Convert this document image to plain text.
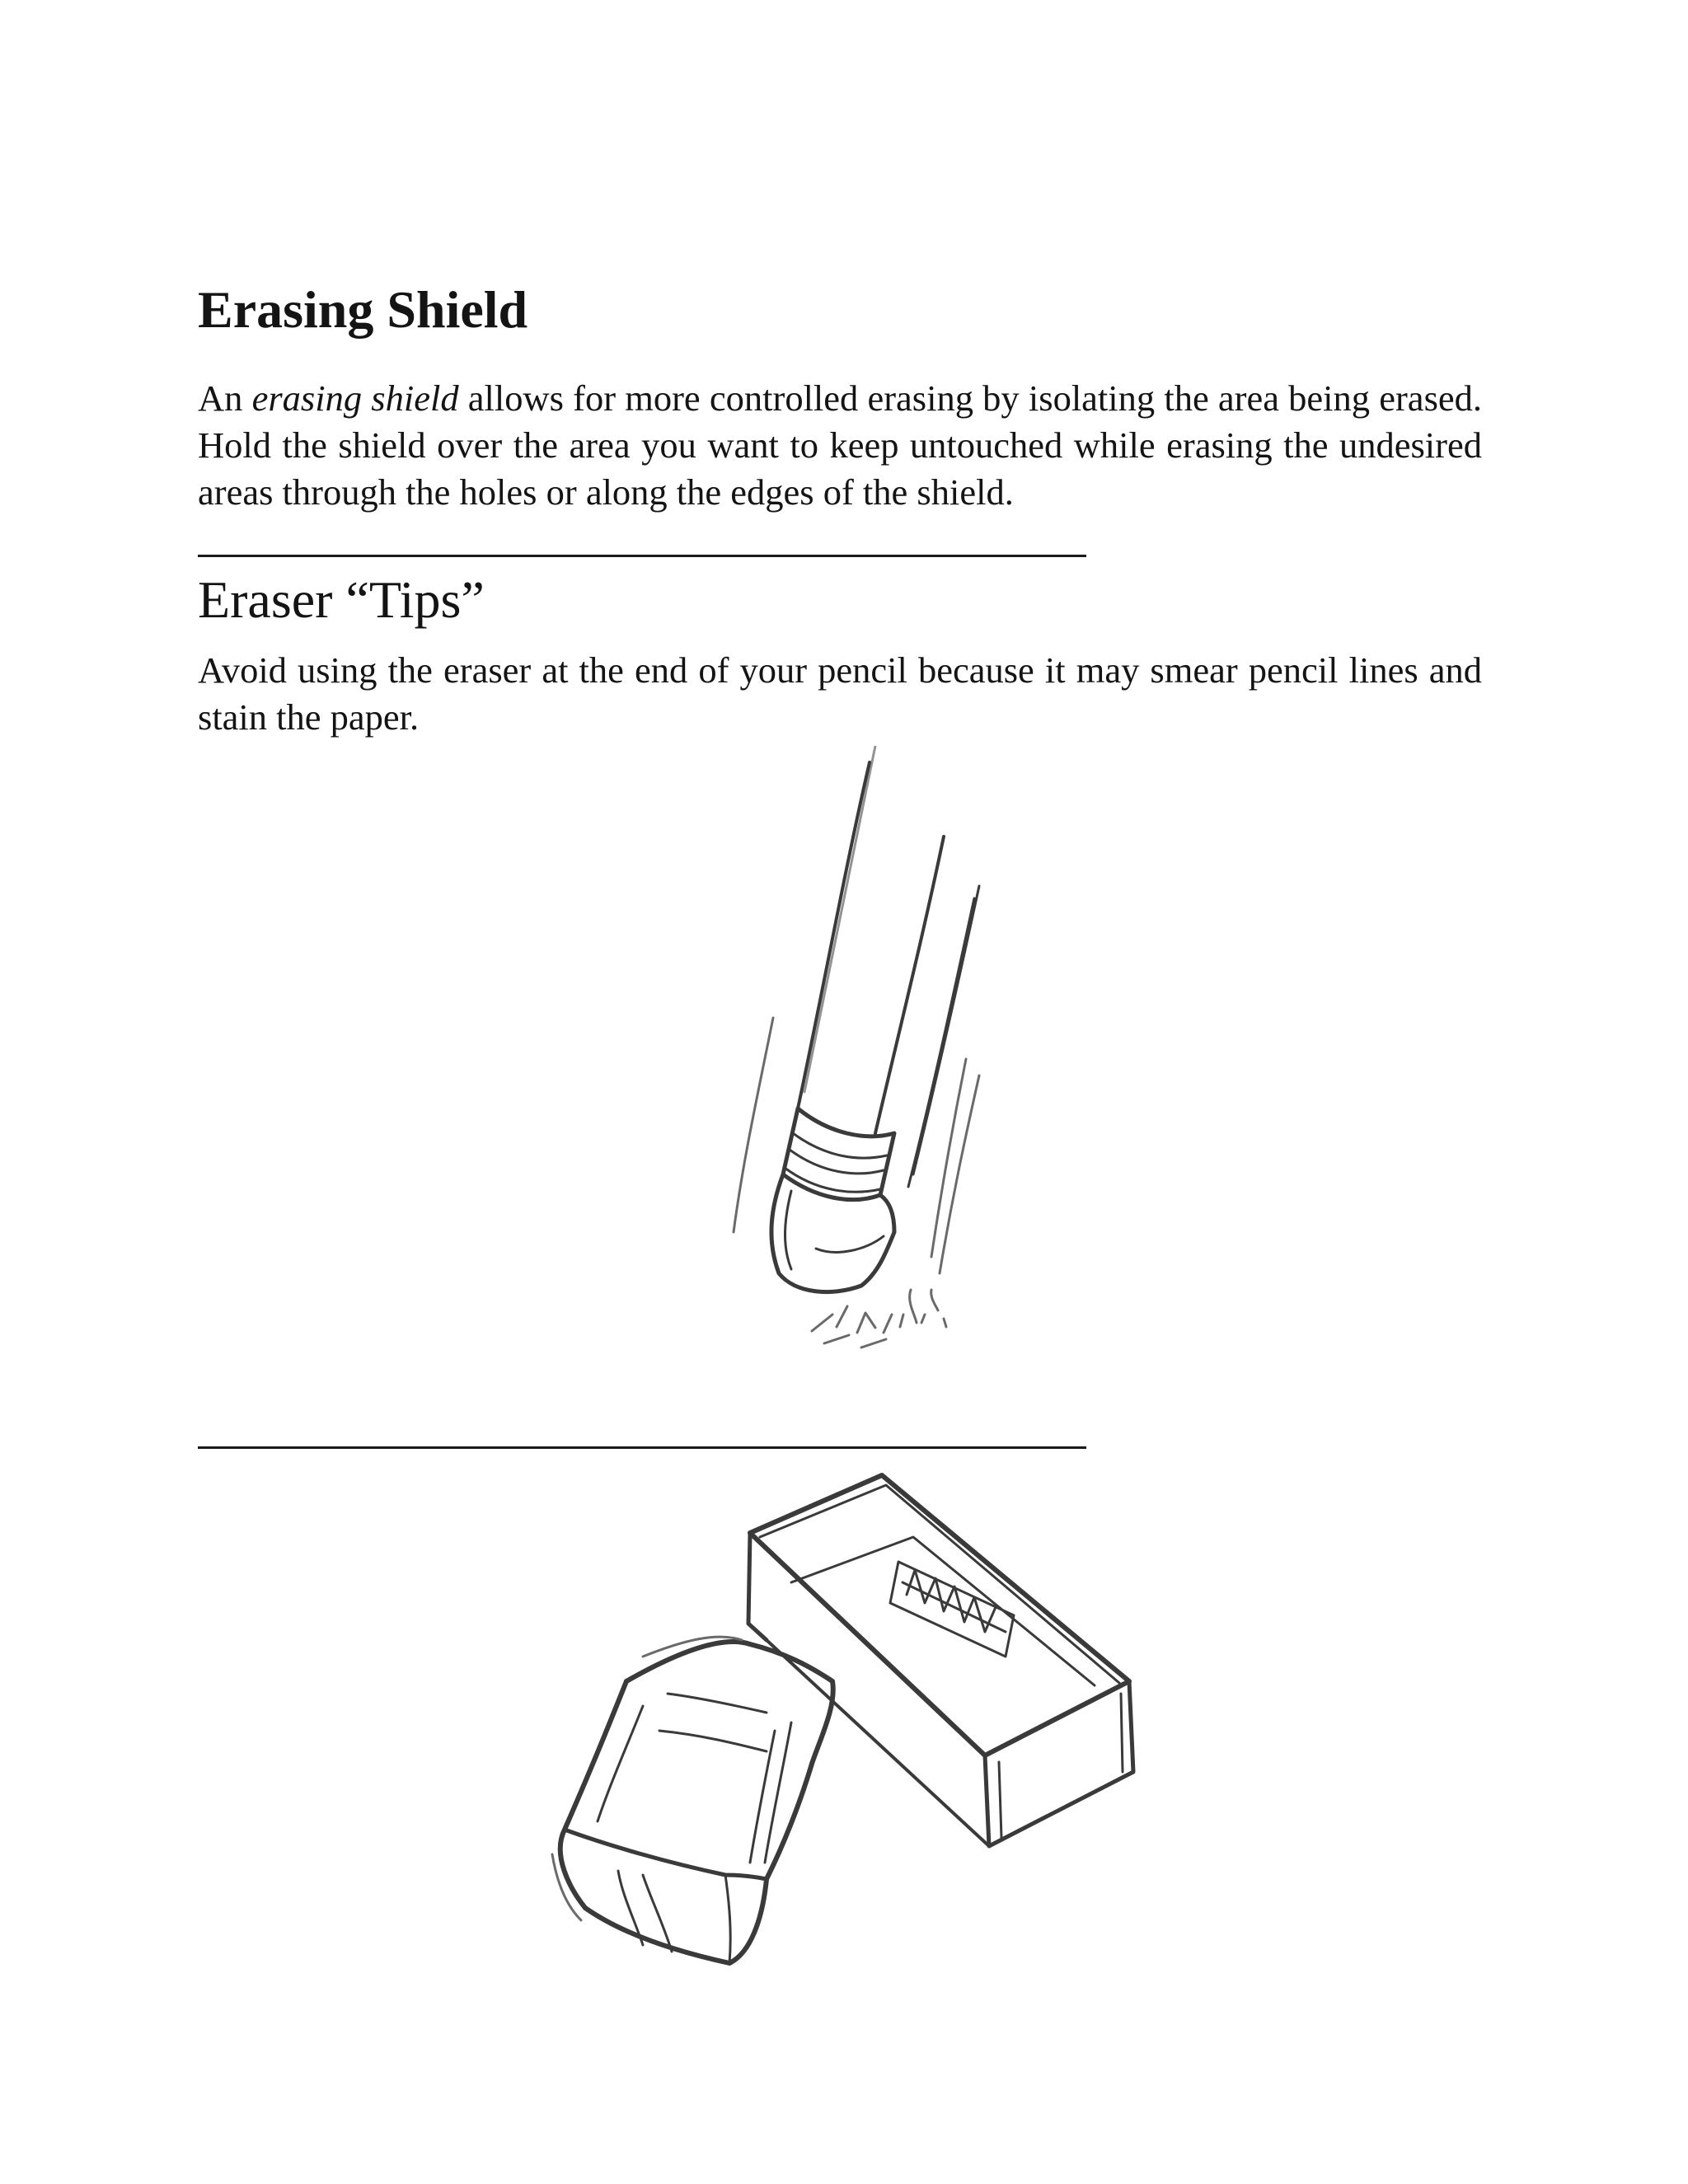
Erasing Shield

An erasing shield allows for more controlled erasing by isolating the area being erased. Hold the shield over the area you want to keep untouched while erasing the undesired areas through the holes or along the edges of the shield.

Eraser “Tips”

Avoid using the eraser at the end of your pencil because it may smear pencil lines and stain the paper.
